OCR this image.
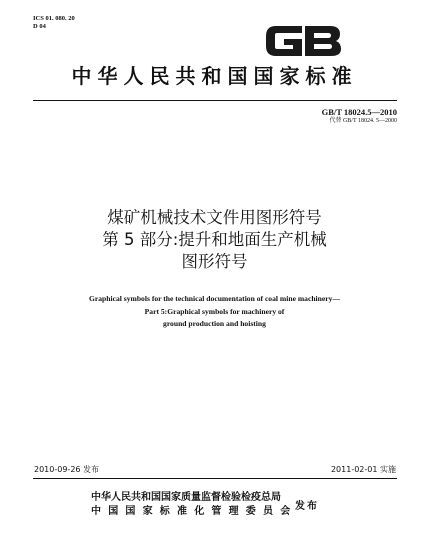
ICS 01. 080. 20
D 04
中华人民共和国国家标准
GB/T 18024.5—2010
代替 GB/T 18024. 5—2000
煤矿机械技术文件用图形符号
第 5 部分:提升和地面生产机械
图形符号
Graphical symbols for the technical documentation of coal mine machinery—
Part 5:Graphical symbols for machinery of
ground production and hoisting
2010-09-26 发布	2011-02-01 实施
中华人民共和国国家质量监督检验检疫总局
中国国家标准化管理委员会
发布
